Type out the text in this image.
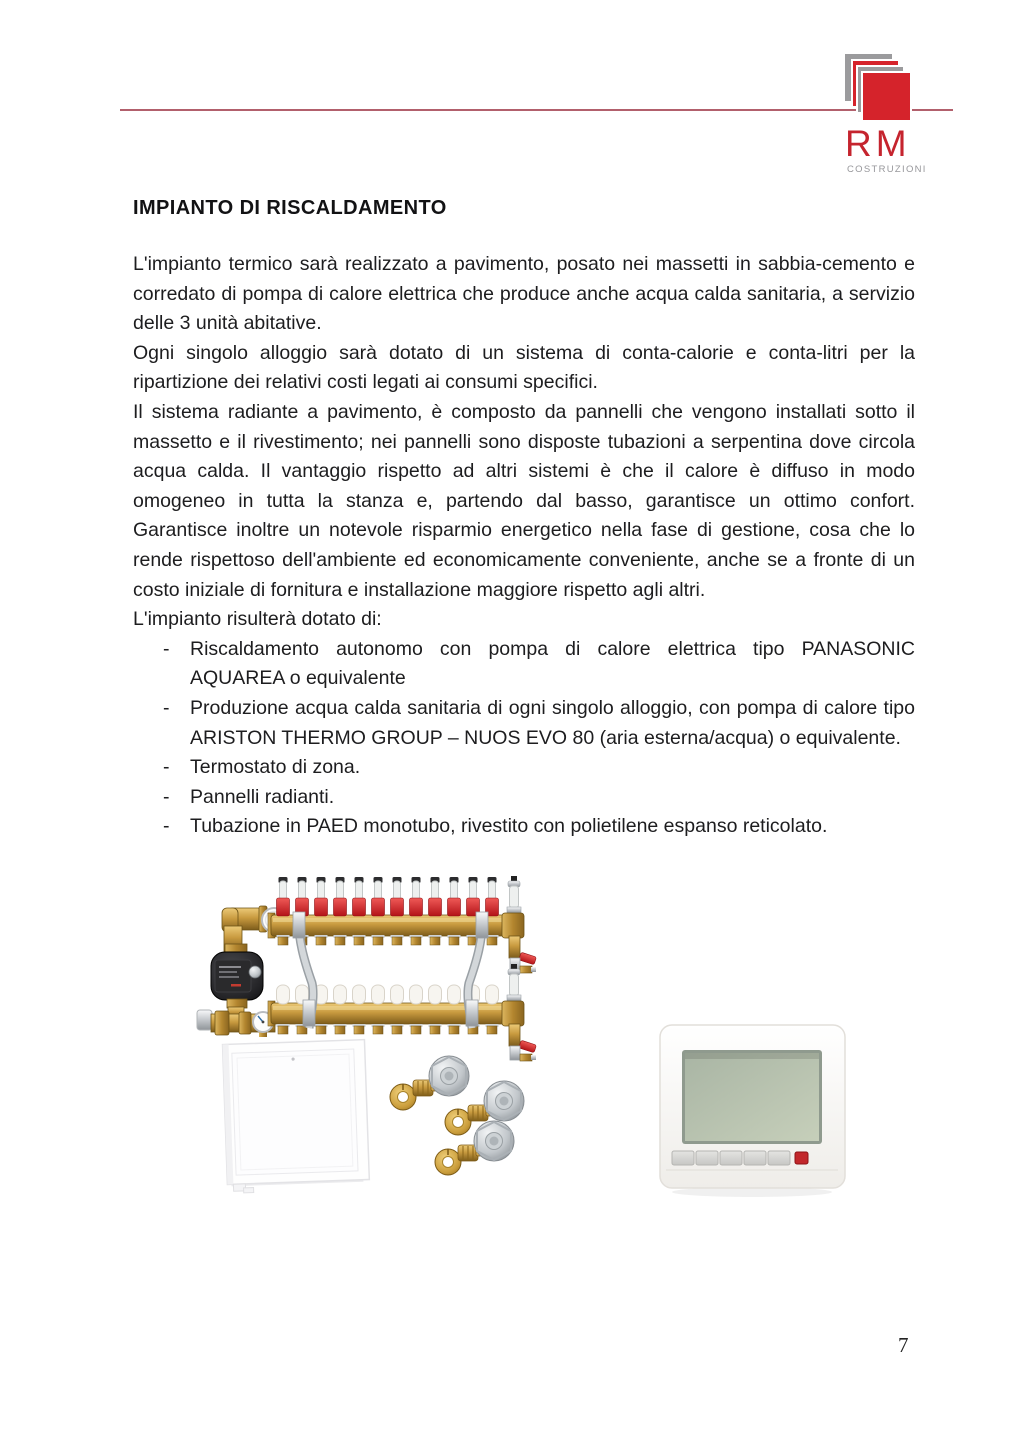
RM
COSTRUZIONI
IMPIANTO DI RISCALDAMENTO

L'impianto termico sarà realizzato a pavimento, posato nei massetti in sabbia-cemento e corredato di pompa di calore elettrica che produce anche acqua calda sanitaria, a servizio delle 3 unità abitative.

Ogni singolo alloggio sarà dotato di un sistema di conta-calorie e conta-litri per la ripartizione dei relativi costi legati ai consumi specifici.

Il sistema radiante a pavimento, è composto da pannelli che vengono installati sotto il massetto e il rivestimento; nei pannelli sono disposte tubazioni a serpentina dove circola acqua calda. Il vantaggio rispetto ad altri sistemi è che il calore è diffuso in modo omogeneo in tutta la stanza e, partendo dal basso, garantisce un ottimo confort. Garantisce inoltre un notevole risparmio energetico nella fase di gestione, cosa che lo rende rispettoso dell'ambiente ed economicamente conveniente, anche se a fronte di un costo iniziale di fornitura e installazione maggiore rispetto agli altri.

L'impianto risulterà dotato di:

-	Riscaldamento autonomo con pompa di calore elettrica tipo PANASONIC AQUAREA o equivalente
-	Produzione acqua calda sanitaria di ogni singolo alloggio, con pompa di calore tipo ARISTON THERMO GROUP – NUOS EVO 80 (aria esterna/acqua) o equivalente.
-	Termostato di zona.
-	Pannelli radianti.
-	Tubazione in PAED monotubo, rivestito con polietilene espanso reticolato.
7
